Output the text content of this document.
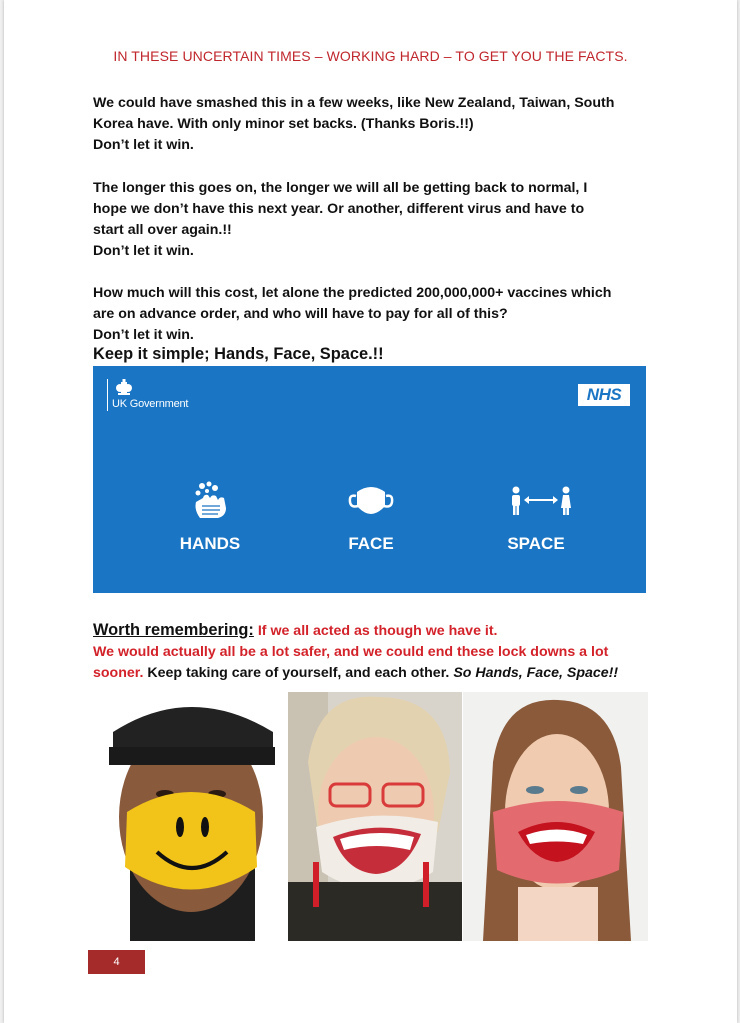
IN THESE UNCERTAIN TIMES – WORKING HARD – TO GET YOU THE FACTS.
We could have smashed this in a few weeks, like New Zealand, Taiwan, South
Korea have. With only minor set backs. (Thanks Boris.!!)
Don’t let it win.
The longer this goes on, the longer we will all be getting back to normal, I
hope we don’t have this next year. Or another, different virus and have to
start all over again.!!
Don’t let it win.
How much will this cost, let alone the predicted 200,000,000+ vaccines which
are on advance order, and who will have to pay for all of this?
Don’t let it win.
Keep it simple; Hands, Face, Space.!!
UK Government	NHS
HANDS	FACE	SPACE
Worth remembering: If we all acted as though we have it.
We would actually all be a lot safer, and we could end these lock downs a lot
sooner. Keep taking care of yourself, and each other. So Hands, Face, Space!!
4
